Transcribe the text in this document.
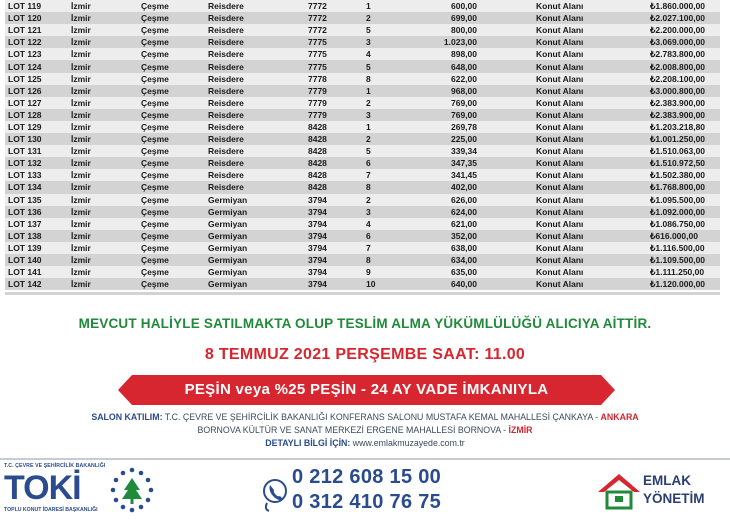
LOT 119	İzmir	Çeşme	Reisdere	7772	1	600,00		Konut Alanı	₺1.860.000,00
LOT 120	İzmir	Çeşme	Reisdere	7772	2	699,00		Konut Alanı	₺2.027.100,00
LOT 121	İzmir	Çeşme	Reisdere	7772	5	800,00		Konut Alanı	₺2.200.000,00
LOT 122	İzmir	Çeşme	Reisdere	7775	3	1.023,00		Konut Alanı	₺3.069.000,00
LOT 123	İzmir	Çeşme	Reisdere	7775	4	898,00		Konut Alanı	₺2.783.800,00
LOT 124	İzmir	Çeşme	Reisdere	7775	5	648,00		Konut Alanı	₺2.008.800,00
LOT 125	İzmir	Çeşme	Reisdere	7778	8	622,00		Konut Alanı	₺2.208.100,00
LOT 126	İzmir	Çeşme	Reisdere	7779	1	968,00		Konut Alanı	₺3.000.800,00
LOT 127	İzmir	Çeşme	Reisdere	7779	2	769,00		Konut Alanı	₺2.383.900,00
LOT 128	İzmir	Çeşme	Reisdere	7779	3	769,00		Konut Alanı	₺2.383.900,00
LOT 129	İzmir	Çeşme	Reisdere	8428	1	269,78		Konut Alanı	₺1.203.218,80
LOT 130	İzmir	Çeşme	Reisdere	8428	2	225,00		Konut Alanı	₺1.001.250,00
LOT 131	İzmir	Çeşme	Reisdere	8428	5	339,34		Konut Alanı	₺1.510.063,00
LOT 132	İzmir	Çeşme	Reisdere	8428	6	347,35		Konut Alanı	₺1.510.972,50
LOT 133	İzmir	Çeşme	Reisdere	8428	7	341,45		Konut Alanı	₺1.502.380,00
LOT 134	İzmir	Çeşme	Reisdere	8428	8	402,00		Konut Alanı	₺1.768.800,00
LOT 135	İzmir	Çeşme	Germiyan	3794	2	626,00		Konut Alanı	₺1.095.500,00
LOT 136	İzmir	Çeşme	Germiyan	3794	3	624,00		Konut Alanı	₺1.092.000,00
LOT 137	İzmir	Çeşme	Germiyan	3794	4	621,00		Konut Alanı	₺1.086.750,00
LOT 138	İzmir	Çeşme	Germiyan	3794	6	352,00		Konut Alanı	₺616.000,00
LOT 139	İzmir	Çeşme	Germiyan	3794	7	638,00		Konut Alanı	₺1.116.500,00
LOT 140	İzmir	Çeşme	Germiyan	3794	8	634,00		Konut Alanı	₺1.109.500,00
LOT 141	İzmir	Çeşme	Germiyan	3794	9	635,00		Konut Alanı	₺1.111.250,00
LOT 142	İzmir	Çeşme	Germiyan	3794	10	640,00		Konut Alanı	₺1.120.000,00
MEVCUT HALİYLE SATILMAKTA OLUP TESLİM ALMA YÜKÜMLÜLÜĞÜ ALICIYA AİTTİR.
8 TEMMUZ 2021 PERŞEMBE SAAT: 11.00
PEŞİN veya %25 PEŞİN - 24 AY VADE İMKANIYLA
SALON KATILIM: T.C. ÇEVRE VE ŞEHİRCİLİK BAKANLIĞI KONFERANS SALONU MUSTAFA KEMAL MAHALLESİ ÇANKAYA - ANKARA
BORNOVA KÜLTÜR VE SANAT MERKEZİ ERGENE MAHALLESİ BORNOVA - İZMİR
DETAYLI BİLGİ İÇİN: www.emlakmuzayede.com.tr
T.C. ÇEVRE VE ŞEHİRCİLİK BAKANLIĞI
TOKİ
TOPLU KONUT İDARESİ BAŞKANLIĞI
0 212 608 15 00
0 312 410 76 75
EMLAK
YÖNETİM
